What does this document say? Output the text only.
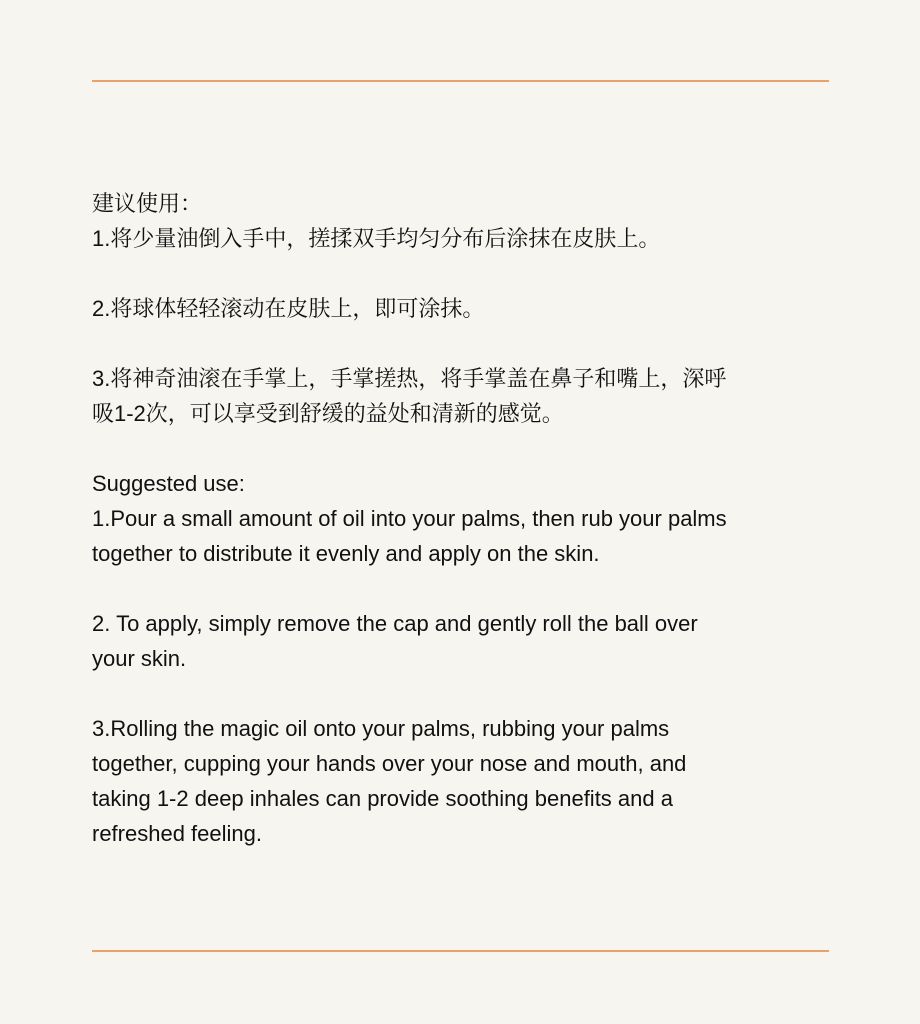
建议使用：
1.将少量油倒入手中，搓揉双手均匀分布后涂抹在皮肤上。
2.将球体轻轻滚动在皮肤上，即可涂抹。
3.将神奇油滚在手掌上，手掌搓热，将手掌盖在鼻子和嘴上，深呼
吸1-2次，可以享受到舒缓的益处和清新的感觉。
Suggested use:
1.Pour a small amount of oil into your palms, then rub your palms
together to distribute it evenly and apply on the skin.
2. To apply, simply remove the cap and gently roll the ball over
your skin.
3.Rolling the magic oil onto your palms, rubbing your palms
together, cupping your hands over your nose and mouth, and
taking 1-2 deep inhales can provide soothing benefits and a
refreshed feeling.
